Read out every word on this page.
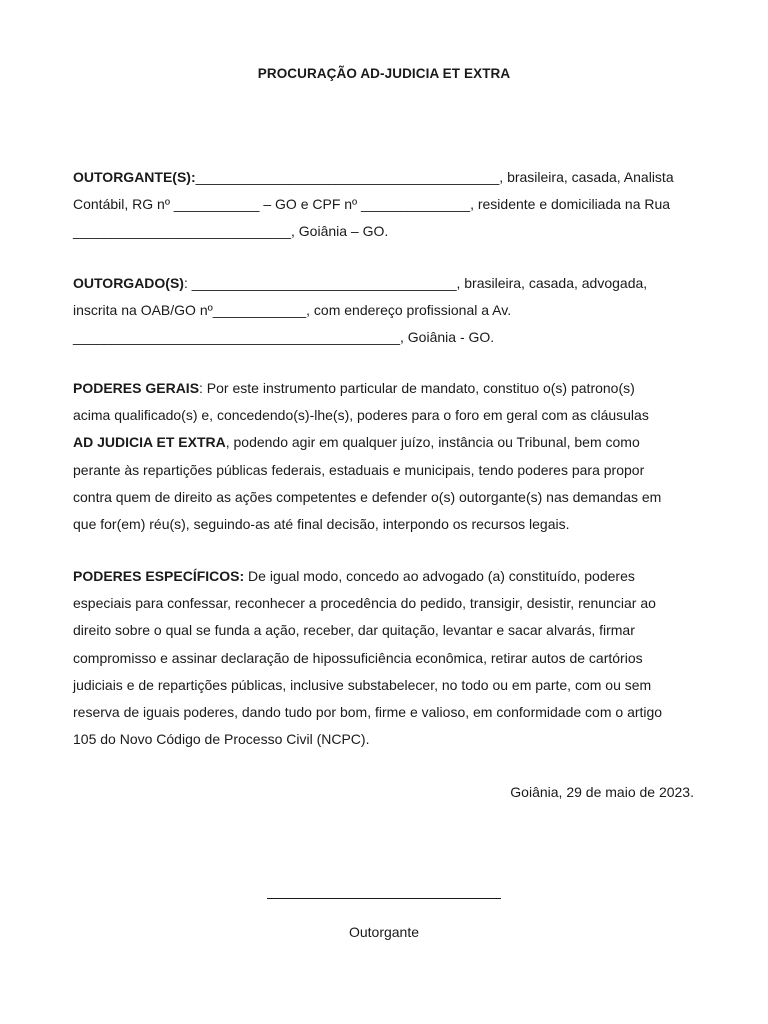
PROCURAÇÃO AD-JUDICIA ET EXTRA

OUTORGANTE(S):_______________________________________, brasileira, casada, Analista
Contábil, RG nº ___________ – GO e CPF nº ______________, residente e domiciliada na Rua
____________________________, Goiânia – GO.

OUTORGADO(S): __________________________________, brasileira, casada, advogada,
inscrita na OAB/GO nº____________, com endereço profissional a Av.
__________________________________________, Goiânia - GO.

PODERES GERAIS: Por este instrumento particular de mandato, constituo o(s) patrono(s)
acima qualificado(s) e, concedendo(s)-lhe(s), poderes para o foro em geral com as cláusulas
AD JUDICIA ET EXTRA, podendo agir em qualquer juízo, instância ou Tribunal, bem como
perante às repartições públicas federais, estaduais e municipais, tendo poderes para propor
contra quem de direito as ações competentes e defender o(s) outorgante(s) nas demandas em
que for(em) réu(s), seguindo-as até final decisão, interpondo os recursos legais.

PODERES ESPECÍFICOS: De igual modo, concedo ao advogado (a) constituído, poderes
especiais para confessar, reconhecer a procedência do pedido, transigir, desistir, renunciar ao
direito sobre o qual se funda a ação, receber, dar quitação, levantar e sacar alvarás, firmar
compromisso e assinar declaração de hipossuficiência econômica, retirar autos de cartórios
judiciais e de repartições públicas, inclusive substabelecer, no todo ou em parte, com ou sem
reserva de iguais poderes, dando tudo por bom, firme e valioso, em conformidade com o artigo
105 do Novo Código de Processo Civil (NCPC).

Goiânia, 29 de maio de 2023.
Outorgante
